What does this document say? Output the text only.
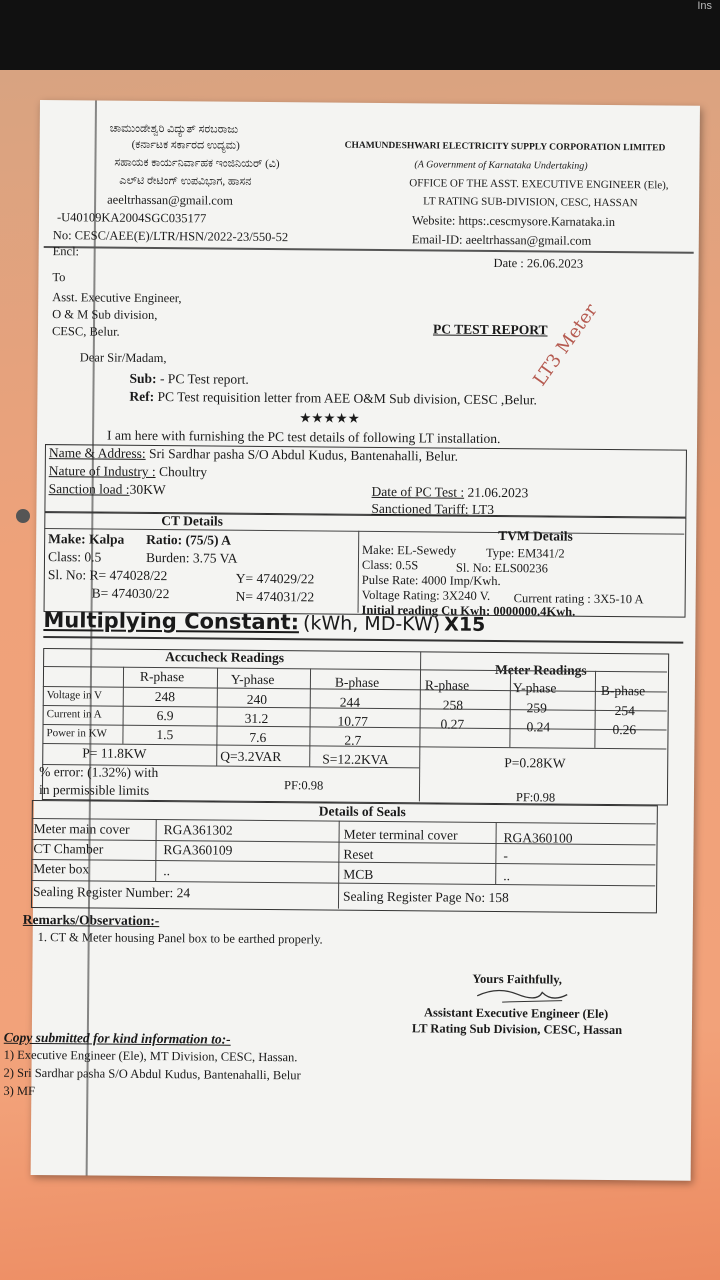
Ins
ಚಾಮುಂಡೇಶ್ವರಿ ವಿದ್ಯುತ್ ಸರಬರಾಜು
(ಕರ್ನಾಟಕ ಸರ್ಕಾರದ ಉದ್ಯಮ)
ಸಹಾಯಕ ಕಾರ್ಯನಿರ್ವಾಹಕ ಇಂಜಿನಿಯರ್ (ವಿ)
ಎಲ್‌ಟಿ ರೇಟಿಂಗ್ ಉಪವಿಭಾಗ, ಹಾಸನ
aeeltrhassan@gmail.com
-U40109KA2004SGC035177
CHAMUNDESHWARI ELECTRICITY SUPPLY CORPORATION LIMITED
(A Government of Karnataka Undertaking)
OFFICE OF THE ASST. EXECUTIVE ENGINEER (Ele),
LT RATING SUB-DIVISION, CESC, HASSAN
Website: https:.cescmysore.Karnataka.in
Email-ID: aeeltrhassan@gmail.com
No: CESC/AEE(E)/LTR/HSN/2022-23/550-52
Encl:
Date : 26.06.2023
To
Asst. Executive Engineer,
O & M Sub division,
CESC, Belur.	PC TEST REPORT
LT3 Meter
Dear Sir/Madam,
Sub: - PC Test report.
Ref: PC Test requisition letter from AEE O&M Sub division, CESC ,Belur.
★★★★★
I am here with furnishing the PC test details of following LT installation.
Name & Address: Sri Sardhar pasha S/O Abdul Kudus, Bantenahalli, Belur.
Nature of Industry : Choultry
Sanction load :30KW	Date of PC Test : 21.06.2023
Sanctioned Tariff: LT3
CT Details
TVM Details
Make: Kalpa Ratio: (75/5) A
Class: 0.5	Burden: 3.75 VA
Sl. No: R= 474028/22	Y= 474029/22
B= 474030/22	N= 474031/22
Make: EL-Sewedy Type: EM341/2
Class: 0.5S	Sl. No: ELS00236
Pulse Rate: 4000 Imp/Kwh.
Voltage Rating: 3X240 V. Current rating : 3X5-10 A
Initial reading Cu Kwh: 0000000.4Kwh.
Multiplying Constant: (kWh, MD-KW) X15
Accucheck Readings
Meter Readings
R-phase	Y-phase	B-phase	R-phase	Y-phase	B-phase
Voltage in V	248	240	244	258	259	254
Current in A	6.9	31.2	10.77	0.27	0.24	0.26
Power in KW	1.5	7.6	2.7
P= 11.8KW	Q=3.2VAR	S=12.2KVA	P=0.28KW
% error: (1.32%) with
in permissible limits	PF:0.98
PF:0.98
Details of Seals
Meter main cover	RGA361302	Meter terminal cover	RGA360100
CT Chamber	RGA360109	Reset	-
Meter box	..	MCB	..
Sealing Register Number: 24	Sealing Register Page No: 158
Remarks/Observation:-
1. CT & Meter housing Panel box to be earthed properly.
Yours Faithfully,
Assistant Executive Engineer (Ele)
LT Rating Sub Division, CESC, Hassan
Copy submitted for kind information to:-
1) Executive Engineer (Ele), MT Division, CESC, Hassan.
2) Sri Sardhar pasha S/O Abdul Kudus, Bantenahalli, Belur
3) MF
